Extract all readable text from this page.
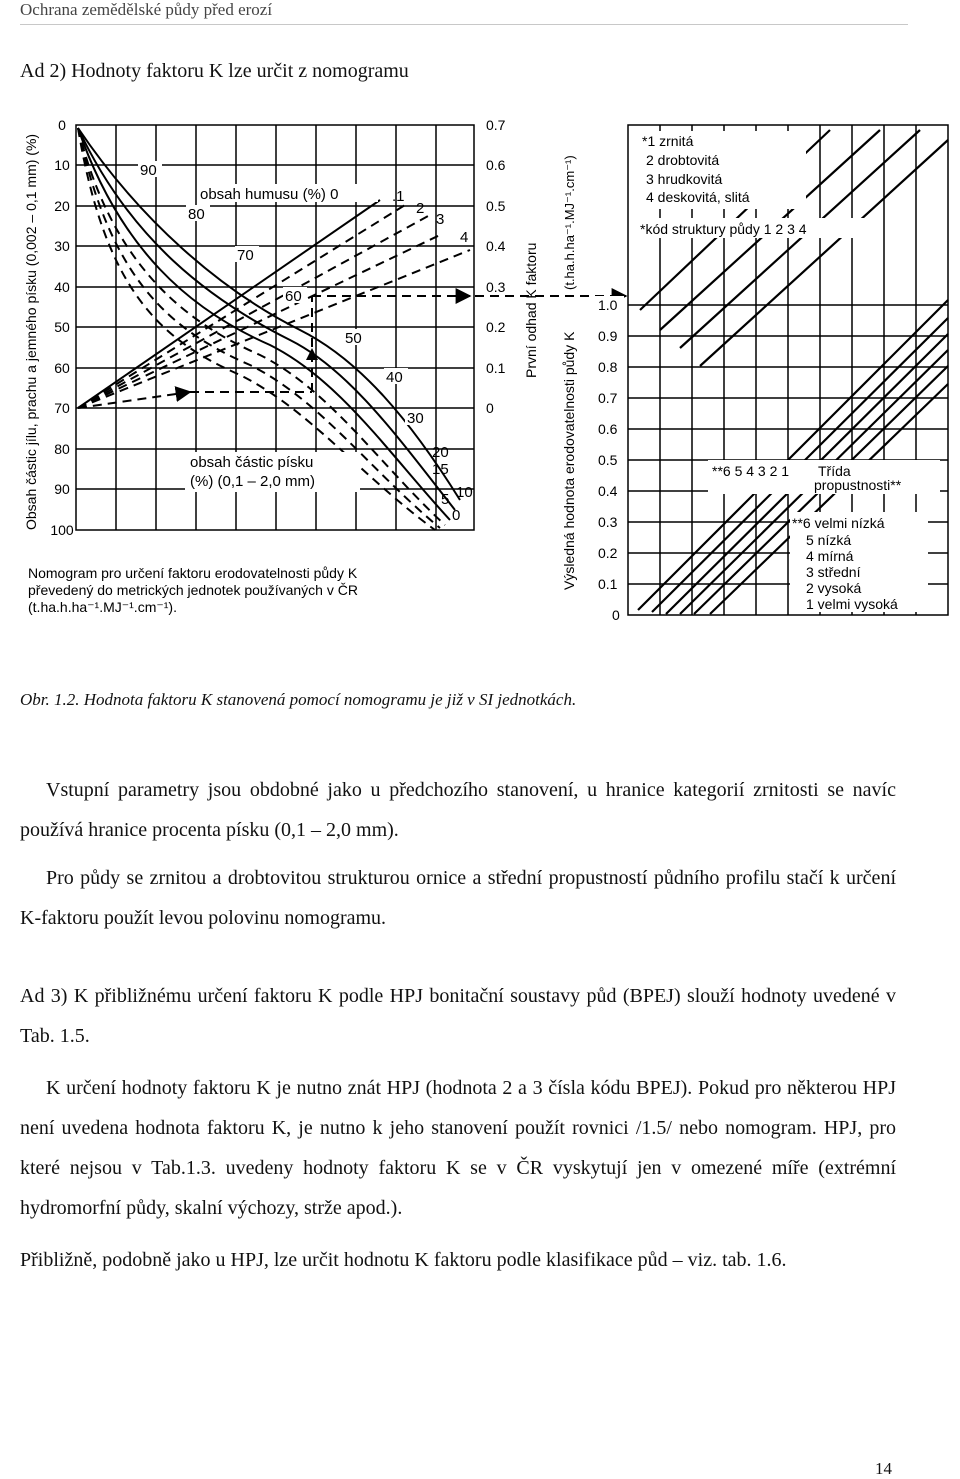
Ochrana zemědělské půdy před erozí
Ad 2) Hodnoty faktoru K lze určit z nomogramu
0
10
20
30
40
50
60
70
80
90
100
Obsah částic jílu, prachu a jemného písku (0,002 – 0,1 mm) (%)	obsah humusu (%) 0	.1
2
3
4
90
80
70
60
50
40
30
20
15
10
5
0
obsah částic písku
(%) (0,1 – 2,0 mm)
0.7
0.6
0.5
0.4
0.3
0.2
0.1
0
První odhad K faktoru
Výsledná hodnota erodovatelnosti půdy K
(t.ha.h.ha⁻¹.MJ⁻¹.cm⁻¹)
1.0
0.9
0.8
0.7
0.6
0.5
0.4
0.3
0.2
0.1
0
*1 zrnitá
2 drobtovitá
3 hrudkovitá
4 deskovitá, slitá
*kód struktury půdy 1 2 3 4
**6 5 4 3 2 1 Třída
propustnosti**
**6 velmi nízká
5 nízká
4 mírná
3 střední
2 vysoká
1 velmi vysoká
Nomogram pro určení faktoru erodovatelnosti půdy K
převedený do metrických jednotek používaných v ČR
(t.ha.h.ha⁻¹.MJ⁻¹.cm⁻¹).
Obr. 1.2. Hodnota faktoru K stanovená pomocí nomogramu je již v SI jednotkách.

Vstupní parametry jsou obdobné jako u předchozího stanovení, u hranice kategorií zrnitosti se navíc používá hranice procenta písku (0,1 – 2,0 mm).

Pro půdy se zrnitou a drobtovitou strukturou ornice a střední propustností půdního profilu stačí k určení K-faktoru použít levou polovinu nomogramu.

Ad 3) K přibližnému určení faktoru K podle HPJ bonitační soustavy půd (BPEJ) slouží hodnoty uvedené v Tab. 1.5.

K určení hodnoty faktoru K je nutno znát HPJ (hodnota 2 a 3 čísla kódu BPEJ). Pokud pro některou HPJ není uvedena hodnota faktoru K, je nutno k jeho stanovení použít rovnici /1.5/ nebo nomogram. HPJ, pro které nejsou v Tab.1.3. uvedeny hodnoty faktoru K se v ČR vyskytují jen v omezené míře (extrémní hydromorfní půdy, skalní výchozy, strže apod.).

Přibližně, podobně jako u HPJ, lze určit hodnotu K faktoru podle klasifikace půd – viz. tab. 1.6.

14
